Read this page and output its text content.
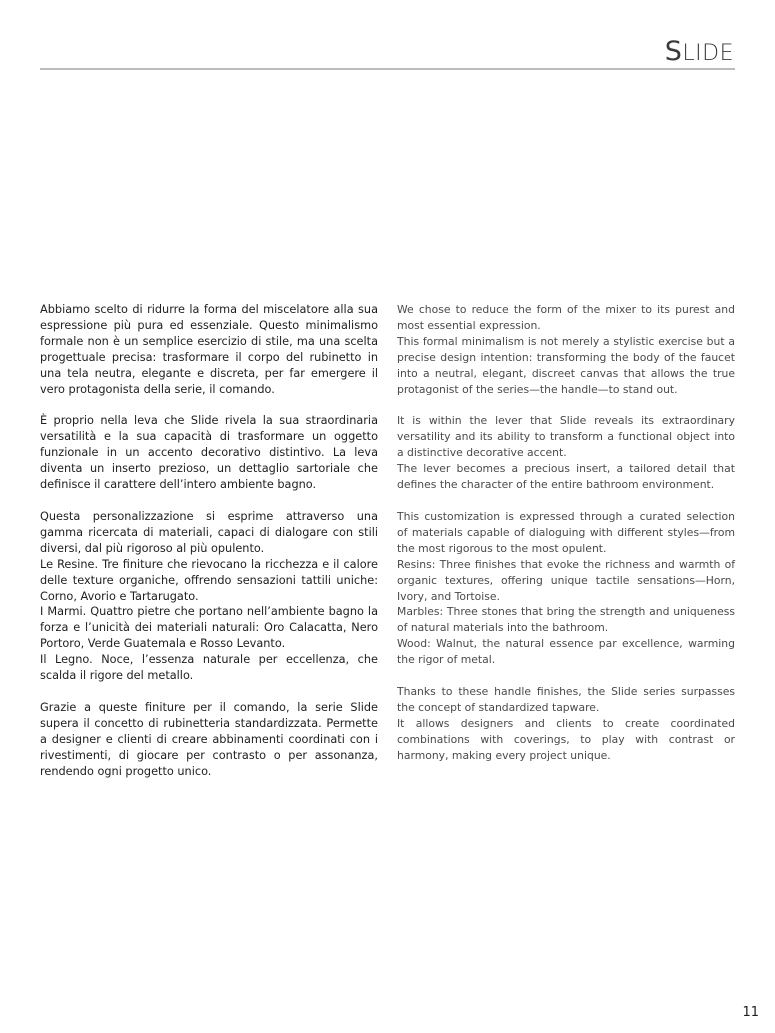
SLIDE

Abbiamo scelto di ridurre la forma del miscelatore alla sua espressione più pura ed essenziale. Questo minimalismo formale non è un semplice esercizio di stile, ma una scelta progettuale precisa: trasformare il corpo del rubinetto in una tela neutra, elegante e discreta, per far emergere il vero protagonista della serie, il comando.

È proprio nella leva che Slide rivela la sua straordinaria versatilità e la sua capacità di trasformare un oggetto funzionale in un accento decorativo distintivo. La leva diventa un inserto prezioso, un dettaglio sartoriale che definisce il carattere dell’intero ambiente bagno.

Questa personalizzazione si esprime attraverso una gamma ricercata di materiali, capaci di dialogare con stili diversi, dal più rigoroso al più opulento.
Le Resine. Tre finiture che rievocano la ricchezza e il calore delle texture organiche, offrendo sensazioni tattili uniche: Corno, Avorio e Tartarugato.
I Marmi. Quattro pietre che portano nell’ambiente bagno la forza e l’unicità dei materiali naturali: Oro Calacatta, Nero Portoro, Verde Guatemala e Rosso Levanto.
Il Legno. Noce, l’essenza naturale per eccellenza, che scalda il rigore del metallo.

Grazie a queste finiture per il comando, la serie Slide supera il concetto di rubinetteria standardizzata. Permette a designer e clienti di creare abbinamenti coordinati con i rivestimenti, di giocare per contrasto o per assonanza, rendendo ogni progetto unico.

We chose to reduce the form of the mixer to its purest and most essential expression.
This formal minimalism is not merely a stylistic exercise but a precise design intention: transforming the body of the faucet into a neutral, elegant, discreet canvas that allows the true protagonist of the series—the handle—to stand out.

It is within the lever that Slide reveals its extraordinary versatility and its ability to transform a functional object into a distinctive decorative accent.
The lever becomes a precious insert, a tailored detail that defines the character of the entire bathroom environment.

This customization is expressed through a curated selection of materials capable of dialoguing with different styles—from the most rigorous to the most opulent.
Resins: Three finishes that evoke the richness and warmth of organic textures, offering unique tactile sensations—Horn, Ivory, and Tortoise.
Marbles: Three stones that bring the strength and uniqueness of natural materials into the bathroom.
Wood: Walnut, the natural essence par excellence, warming the rigor of metal.

Thanks to these handle finishes, the Slide series surpasses the concept of standardized tapware.
It allows designers and clients to create coordinated combinations with coverings, to play with contrast or harmony, making every project unique.

11
